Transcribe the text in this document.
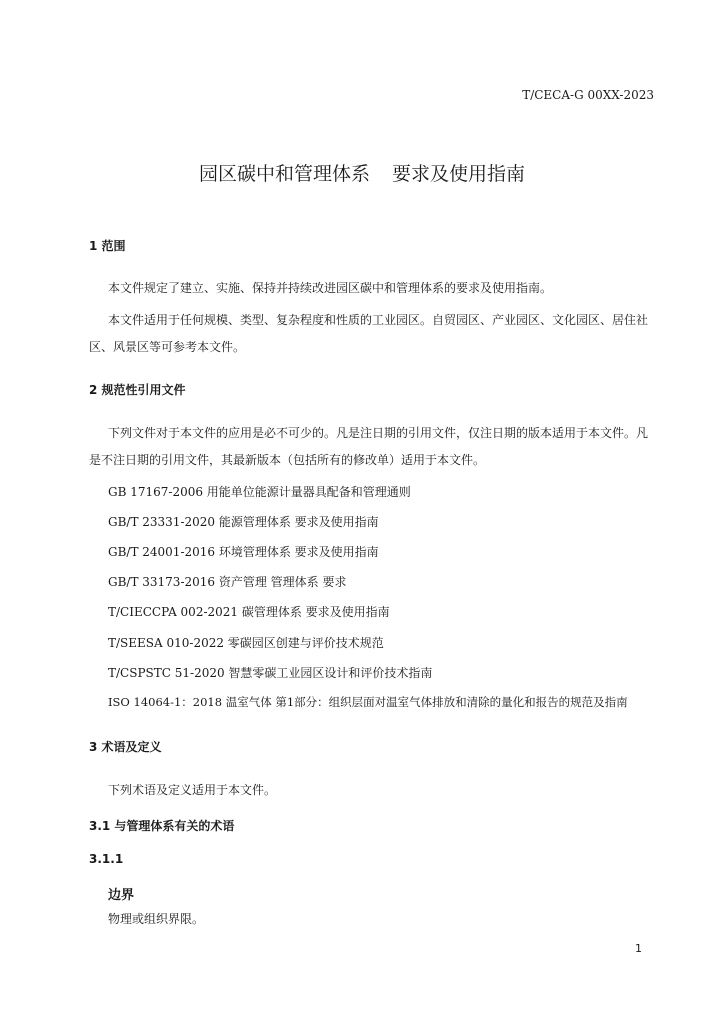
T/CECA-G 00XX-2023
园区碳中和管理体系 要求及使用指南
1 范围
本文件规定了建立、实施、保持并持续改进园区碳中和管理体系的要求及使用指南。
本文件适用于任何规模、类型、复杂程度和性质的工业园区。自贸园区、产业园区、文化园区、居住社
区、风景区等可参考本文件。
2 规范性引用文件
下列文件对于本文件的应用是必不可少的。凡是注日期的引用文件，仅注日期的版本适用于本文件。凡
是不注日期的引用文件，其最新版本（包括所有的修改单）适用于本文件。
GB 17167-2006 用能单位能源计量器具配备和管理通则
GB/T 23331-2020 能源管理体系 要求及使用指南
GB/T 24001-2016 环境管理体系 要求及使用指南
GB/T 33173-2016 资产管理 管理体系 要求
T/CIECCPA 002-2021 碳管理体系 要求及使用指南
T/SEESA 010-2022 零碳园区创建与评价技术规范
T/CSPSTC 51-2020 智慧零碳工业园区设计和评价技术指南
ISO 14064-1：2018 温室气体 第1部分：组织层面对温室气体排放和清除的量化和报告的规范及指南
3 术语及定义
下列术语及定义适用于本文件。
3.1 与管理体系有关的术语
3.1.1
边界
物理或组织界限。
1
